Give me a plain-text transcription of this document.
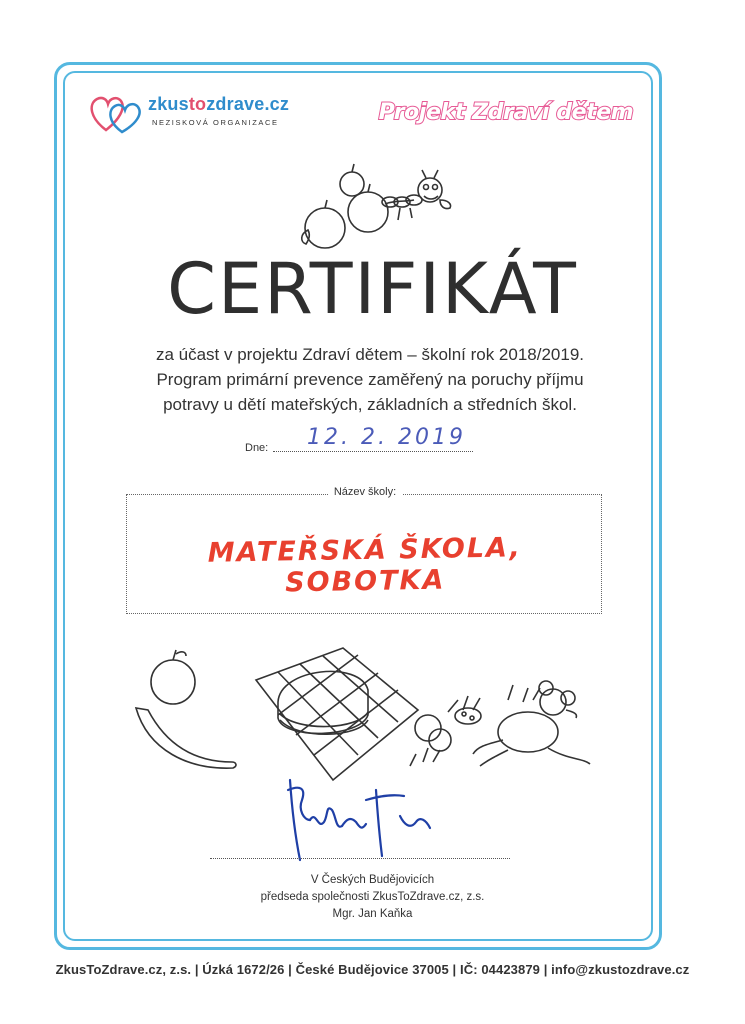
zkustozdrave.cz
NEZISKOVÁ ORGANIZACE	Projekt Zdraví dětem
CERTIFIKÁT
za účast v projektu Zdraví dětem – školní rok 2018/2019.
Program primární prevence zaměřený na poruchy příjmu
potravy u dětí mateřských, základních a středních škol.
Dne: 12. 2. 2019
Název školy:
MATEŘSKÁ ŠKOLA, SOBOTKA
V Českých Budějovicích
předseda společnosti ZkusToZdrave.cz, z.s.
Mgr. Jan Kaňka
ZkusToZdrave.cz, z.s. | Úzká 1672/26 | České Budějovice 37005 | IČ: 04423879 | info@zkustozdrave.cz
